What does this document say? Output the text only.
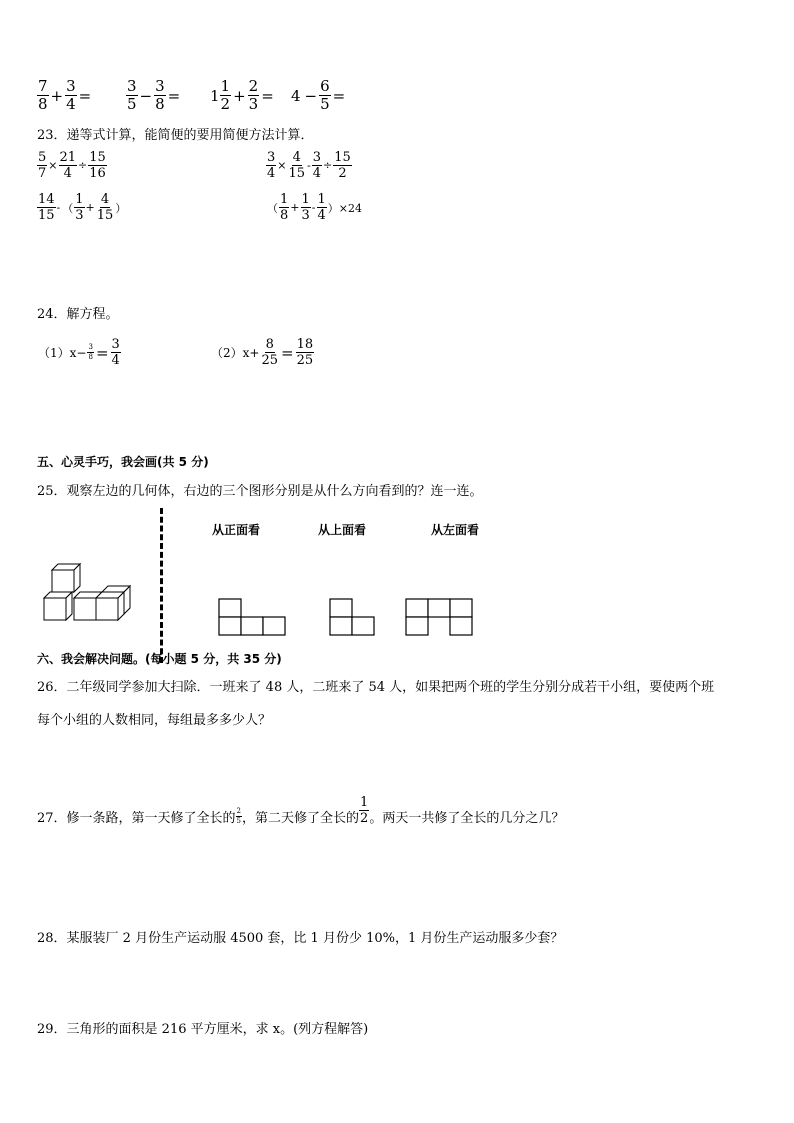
$\frac{7}{8} + \frac{3}{4} = \frac{3}{5} - \frac{3}{8} = 1 \frac{1}{2} + \frac{2}{3} = 4 - \frac{6}{5}$ =
23．递等式计算，能简便的要用简便方法计算．
$\frac{5}{7} \times \frac{21}{4} \div \frac{15}{16}$	$\frac{3}{4} \times \frac{4}{15} - \frac{3}{4} \div \frac{15}{2}$
$\frac{14}{15}$ - （ $\frac{1}{3} + \frac{4}{15}$ ）	（ $\frac{1}{8} + \frac{1}{3} - \frac{1}{4} )\times 24$
24．解方程。
$(1)x- \frac{3}{8} = \frac{3}{4}$	$(2)x+ \frac{8}{25} = \frac{18}{25}$
五、心灵手巧，我会画(共 5 分)
25．观察左边的几何体，右边的三个图形分别是从什么方向看到的？连一连。
从正面看	从上面看	从左面看
六、我会解决问题。(每小题 5 分，共 35 分)
26．二年级同学参加大扫除．一班来了 48 人，二班来了 54 人，如果把两个班的学生分别分成若干小组，要使两个班
每个小组的人数相同，每组最多多少人？
27．修一条路，第一天修了全长的 $\frac{2}{5}$ ，第二天修了全长的 $\frac{1}{2}$ 。两天一共修了全长的几分之几？
28．某服装厂 2 月份生产运动服 4500 套，比 1 月份少 10%，1 月份生产运动服多少套？
29．三角形的面积是 216 平方厘米，求 x。(列方程解答)
